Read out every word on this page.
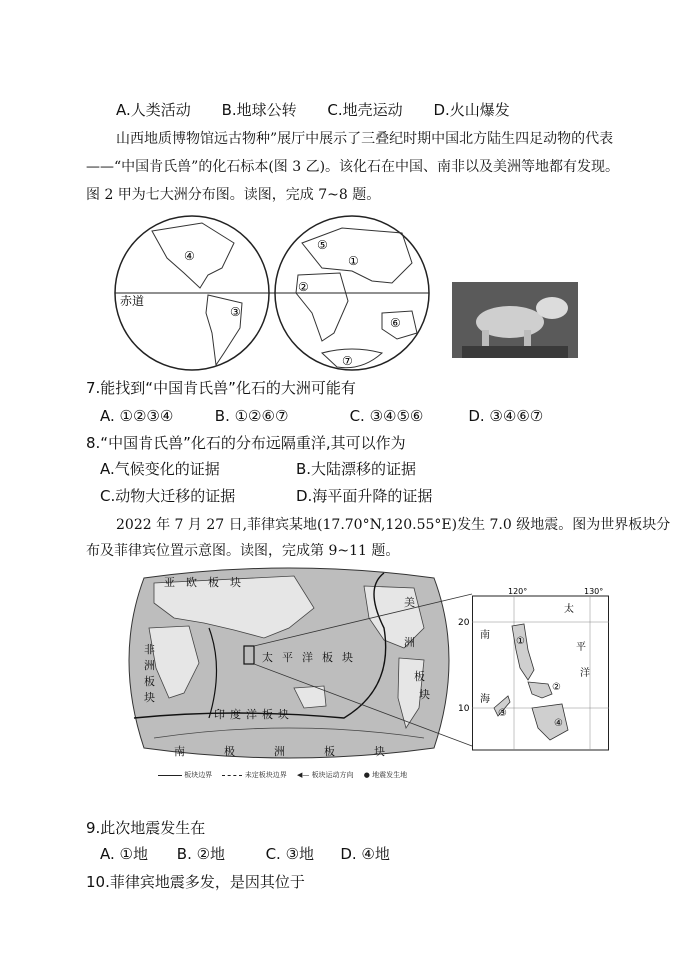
A.人类活动 B.地球公转 C.地壳运动 D.火山爆发
山西地质博物馆远古物种”展厅中展示了三叠纪时期中国北方陆生四足动物的代表
——“中国肯氏兽”的化石标本(图 3 乙)。该化石在中国、南非以及美洲等地都有发现。
图 2 甲为七大洲分布图。读图，完成 7~8 题。
赤道
④
③
⑤
①
②
⑥
⑦
7.能找到“中国肯氏兽”化石的大洲可能有
A. ①②③④	B. ①②⑥⑦	C. ③④⑤⑥	D. ③④⑥⑦
8.“中国肯氏兽”化石的分布远隔重洋,其可以作为
A.气候变化的证据	B.大陆漂移的证据
C.动物大迁移的证据	D.海平面升降的证据
2022 年 7 月 27 日,菲律宾某地(17.70°N,120.55°E)发生 7.0 级地震。图为世界板块分
布及菲律宾位置示意图。读图，完成第 9~11 题。
亚 欧 板 块
太 平 洋 板 块
印 度 洋 板 块
南	极	洲	板	块
非
洲
板
块
美
洲
板
块
120°	130°
20
10
南
海
太
平
洋
①
②
③
④
板块边界	未定板块边界 ◀— 板块运动方向 ● 地震发生地
9.此次地震发生在
A. ①地 B. ②地	C. ③地 D. ④地
10.菲律宾地震多发，是因其位于
